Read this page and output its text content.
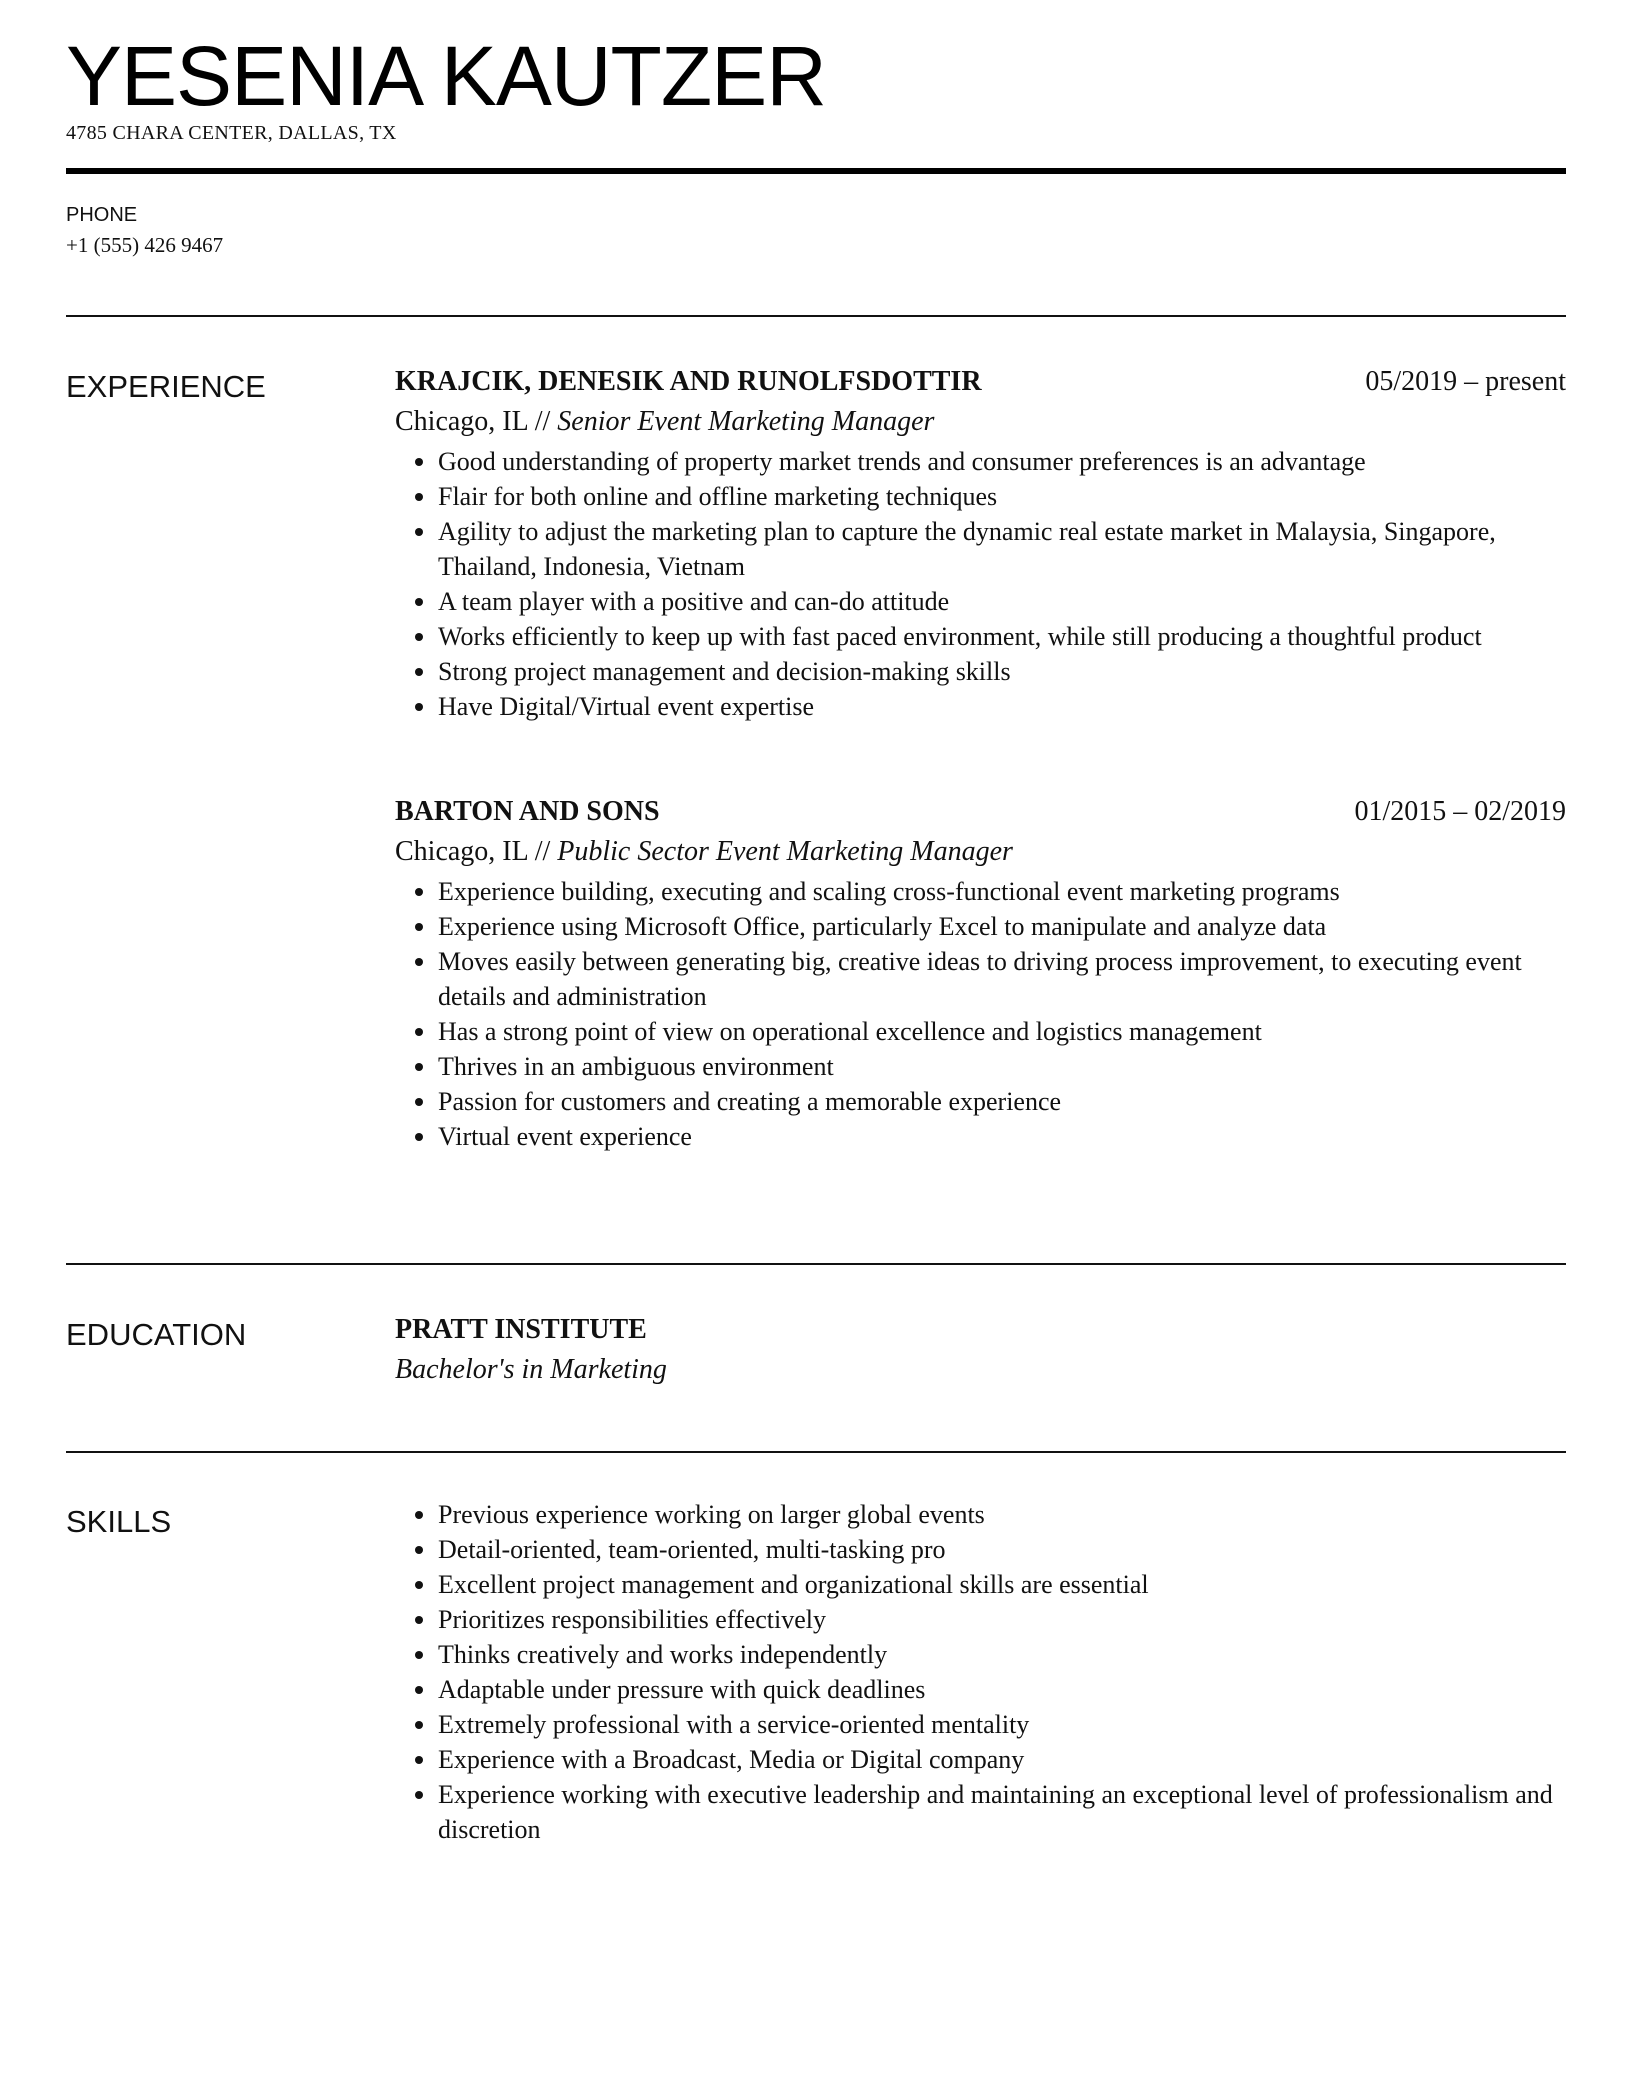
YESENIA KAUTZER
4785 CHARA CENTER, DALLAS, TX
PHONE
+1 (555) 426 9467
EXPERIENCE	KRAJCIK, DENESIK AND RUNOLFSDOTTIR	05/2019 – present
Chicago, IL // Senior Event Marketing Manager
Good understanding of property market trends and consumer preferences is an advantage
Flair for both online and offline marketing techniques
Agility to adjust the marketing plan to capture the dynamic real estate market in Malaysia, Singapore, Thailand, Indonesia, Vietnam
A team player with a positive and can-do attitude
Works efficiently to keep up with fast paced environment, while still producing a thoughtful product
Strong project management and decision-making skills
Have Digital/Virtual event expertise
BARTON AND SONS	01/2015 – 02/2019
Chicago, IL // Public Sector Event Marketing Manager
Experience building, executing and scaling cross-functional event marketing programs
Experience using Microsoft Office, particularly Excel to manipulate and analyze data
Moves easily between generating big, creative ideas to driving process improvement, to executing event details and administration
Has a strong point of view on operational excellence and logistics management
Thrives in an ambiguous environment
Passion for customers and creating a memorable experience
Virtual event experience
EDUCATION	PRATT INSTITUTE
Bachelor's in Marketing
SKILLS	Previous experience working on larger global events
Detail-oriented, team-oriented, multi-tasking pro
Excellent project management and organizational skills are essential
Prioritizes responsibilities effectively
Thinks creatively and works independently
Adaptable under pressure with quick deadlines
Extremely professional with a service-oriented mentality
Experience with a Broadcast, Media or Digital company
Experience working with executive leadership and maintaining an exceptional level of professionalism and discretion
